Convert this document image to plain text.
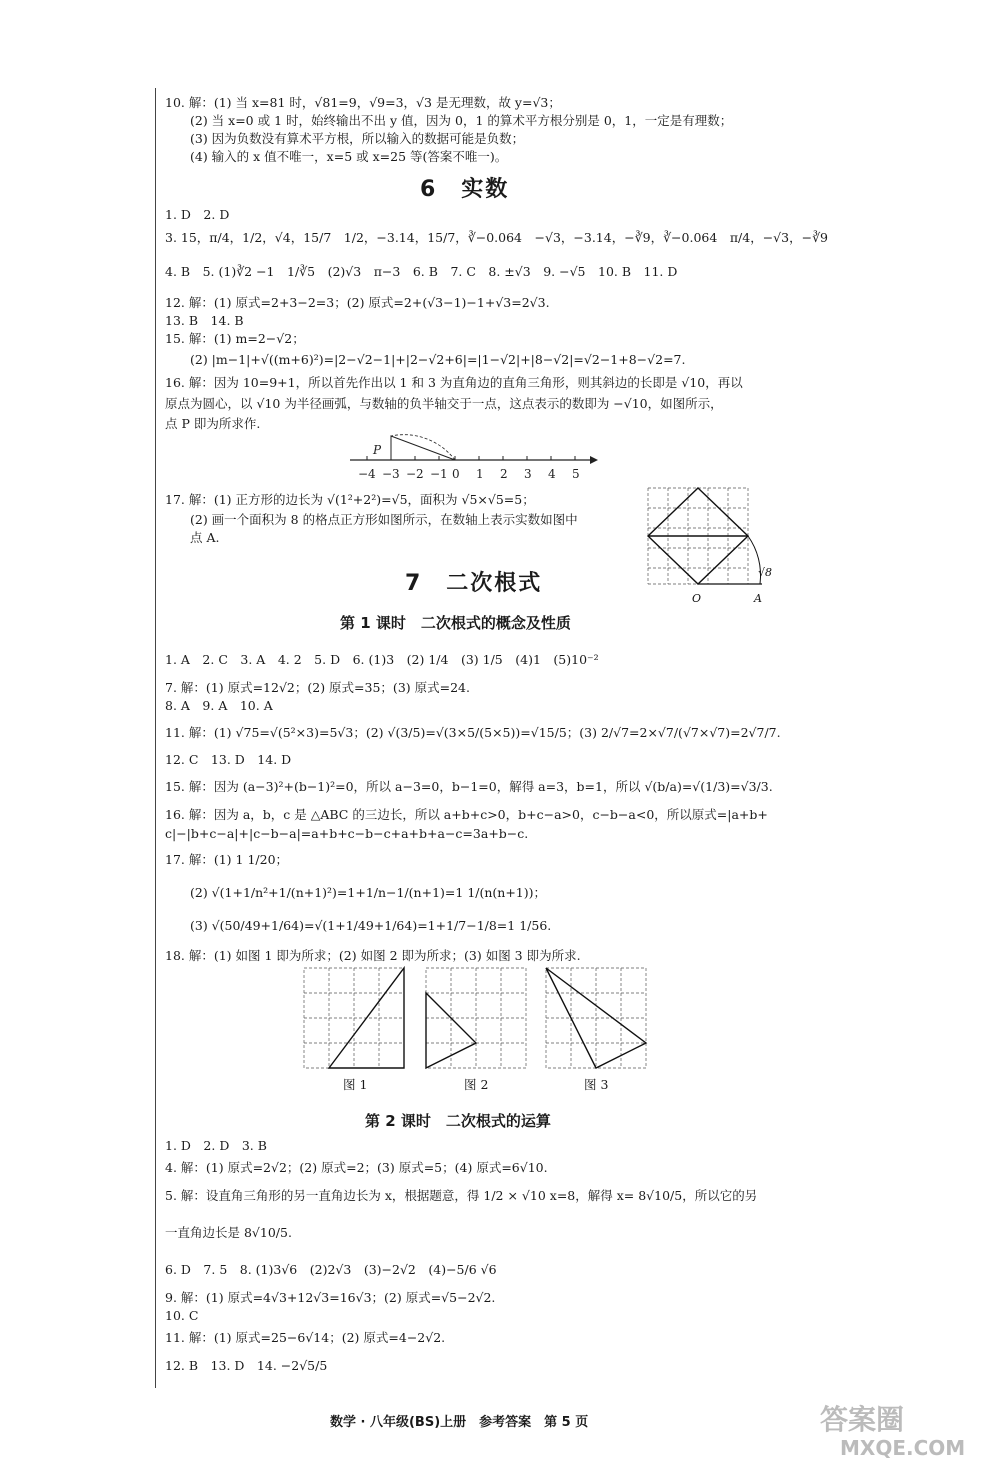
10. 解：(1) 当 x=81 时，√81=9，√9=3，√3 是无理数，故 y=√3；
(2) 当 x=0 或 1 时，始终输出不出 y 值，因为 0，1 的算术平方根分别是 0，1，一定是有理数；
(3) 因为负数没有算术平方根，所以输入的数据可能是负数；
(4) 输入的 x 值不唯一，x=5 或 x=25 等(答案不唯一)。
6　实数
1. D　2. D
3. 15，π/4，1/2，√4，15/7　1/2，−3.14，15/7，∛−0.064　−√3，−3.14，−∛9，∛−0.064　π/4，−√3，−∛9
4. B　5. (1)∛2 −1　1/∛5　(2)√3　π−3　6. B　7. C　8. ±√3　9. −√5　10. B　11. D
12. 解：(1) 原式=2+3−2=3；(2) 原式=2+(√3−1)−1+√3=2√3.
13. B　14. B
15. 解：(1) m=2−√2；
(2) |m−1|+√((m+6)²)=|2−√2−1|+|2−√2+6|=|1−√2|+|8−√2|=√2−1+8−√2=7.
16. 解：因为 10=9+1，所以首先作出以 1 和 3 为直角边的直角三角形，则其斜边的长即是 √10，再以
原点为圆心，以 √10 为半径画弧，与数轴的负半轴交于一点，这点表示的数即为 −√10，如图所示，
点 P 即为所求作.
−4 −3 −2 −1 0 1 2 3 4 5
P
17. 解：(1) 正方形的边长为 √(1²+2²)=√5，面积为 √5×√5=5；
(2) 画一个面积为 8 的格点正方形如图所示，在数轴上表示实数如图中
点 A.
O	A
√8
7　二次根式
第 1 课时　二次根式的概念及性质
1. A　2. C　3. A　4. 2　5. D　6. (1)3　(2) 1/4　(3) 1/5　(4)1　(5)10⁻²
7. 解：(1) 原式=12√2；(2) 原式=35；(3) 原式=24.
8. A　9. A　10. A
11. 解：(1) √75=√(5²×3)=5√3；(2) √(3/5)=√(3×5/(5×5))=√15/5；(3) 2/√7=2×√7/(√7×√7)=2√7/7.
12. C　13. D　14. D
15. 解：因为 (a−3)²+(b−1)²=0，所以 a−3=0，b−1=0，解得 a=3，b=1，所以 √(b/a)=√(1/3)=√3/3.
16. 解：因为 a，b，c 是 △ABC 的三边长，所以 a+b+c>0，b+c−a>0，c−b−a<0，所以原式=|a+b+
c|−|b+c−a|+|c−b−a|=a+b+c−b−c+a+b+a−c=3a+b−c.
17. 解：(1) 1 1/20；
(2) √(1+1/n²+1/(n+1)²)=1+1/n−1/(n+1)=1 1/(n(n+1))；
(3) √(50/49+1/64)=√(1+1/49+1/64)=1+1/7−1/8=1 1/56.
18. 解：(1) 如图 1 即为所求；(2) 如图 2 即为所求；(3) 如图 3 即为所求.
图 1	图 2	图 3
第 2 课时　二次根式的运算
1. D　2. D　3. B
4. 解：(1) 原式=2√2；(2) 原式=2；(3) 原式=5；(4) 原式=6√10.
5. 解：设直角三角形的另一直角边长为 x，根据题意，得 1/2 × √10 x=8，解得 x= 8√10/5，所以它的另
一直角边长是 8√10/5.
6. D　7. 5　8. (1)3√6　(2)2√3　(3)−2√2　(4)−5/6 √6
9. 解：(1) 原式=4√3+12√3=16√3；(2) 原式=√5−2√2.
10. C
11. 解：(1) 原式=25−6√14；(2) 原式=4−2√2.
12. B　13. D　14. −2√5/5
数学 · 八年级(BS)上册　参考答案　第 5 页	答案圈
MXQE.COM
